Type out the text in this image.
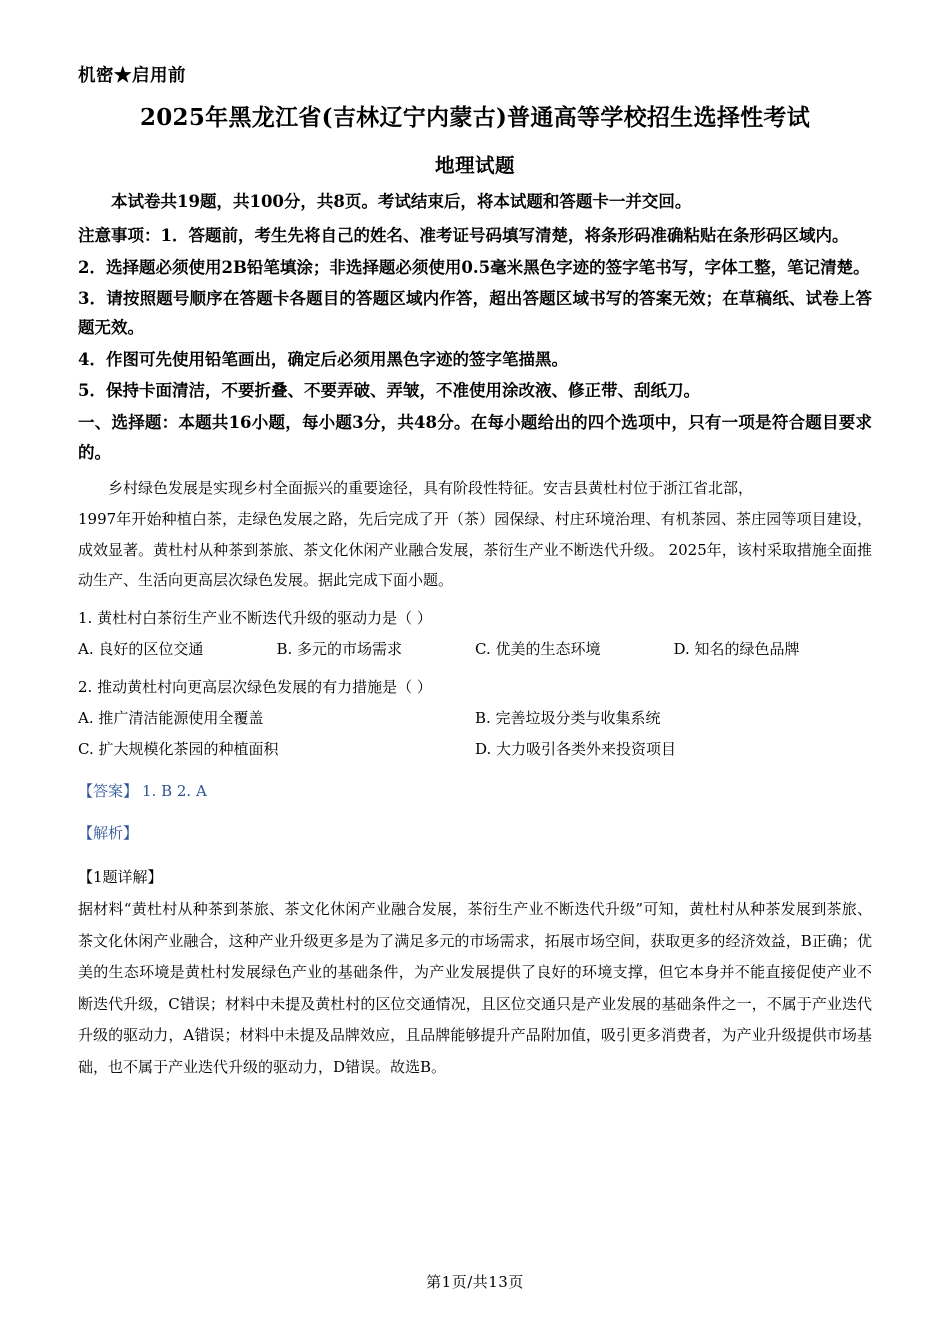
机密★启用前
2025年黑龙江省(吉林辽宁内蒙古)普通高等学校招生选择性考试
地理试题

本试卷共19题，共100分，共8页。考试结束后，将本试题和答题卡一并交回。

注意事项：1．答题前，考生先将自己的姓名、准考证号码填写清楚，将条形码准确粘贴在条形码区域内。

2．选择题必须使用2B铅笔填涂；非选择题必须使用0.5毫米黑色字迹的签字笔书写，字体工整，笔记清楚。

3．请按照题号顺序在答题卡各题目的答题区域内作答，超出答题区域书写的答案无效；在草稿纸、试卷上答题无效。

4．作图可先使用铅笔画出，确定后必须用黑色字迹的签字笔描黑。

5．保持卡面清洁，不要折叠、不要弄破、弄皱，不准使用涂改液、修正带、刮纸刀。

一、选择题：本题共16小题，每小题3分，共48分。在每小题给出的四个选项中，只有一项是符合题目要求的。

乡村绿色发展是实现乡村全面振兴的重要途径，具有阶段性特征。安吉县黄杜村位于浙江省北部，
1997年开始种植白茶，走绿色发展之路，先后完成了开（茶）园保绿、村庄环境治理、有机茶园、茶庄园等项目建设，成效显著。黄杜村从种茶到茶旅、茶文化休闲产业融合发展，茶衍生产业不断迭代升级。 2025年，该村采取措施全面推动生产、生活向更高层次绿色发展。据此完成下面小题。

1. 黄杜村白茶衍生产业不断迭代升级的驱动力是（ ）

A. 良好的区位交通	B. 多元的市场需求	C. 优美的生态环境	D. 知名的绿色品牌

2. 推动黄杜村向更高层次绿色发展的有力措施是（ ）

A. 推广清洁能源使用全覆盖	B. 完善垃圾分类与收集系统
C. 扩大规模化茶园的种植面积	D. 大力吸引各类外来投资项目

【答案】 1. B 2. A

【解析】

【1题详解】

据材料“黄杜村从种茶到茶旅、茶文化休闲产业融合发展，茶衍生产业不断迭代升级”可知，黄杜村从种茶发展到茶旅、茶文化休闲产业融合，这种产业升级更多是为了满足多元的市场需求，拓展市场空间，获取更多的经济效益，B正确；优美的生态环境是黄杜村发展绿色产业的基础条件，为产业发展提供了良好的环境支撑，但它本身并不能直接促使产业不断迭代升级，C错误；材料中未提及黄杜村的区位交通情况，且区位交通只是产业发展的基础条件之一，不属于产业迭代升级的驱动力，A错误；材料中未提及品牌效应，且品牌能够提升产品附加值，吸引更多消费者，为产业升级提供市场基础，也不属于产业迭代升级的驱动力，D错误。故选B。

第1页/共13页
